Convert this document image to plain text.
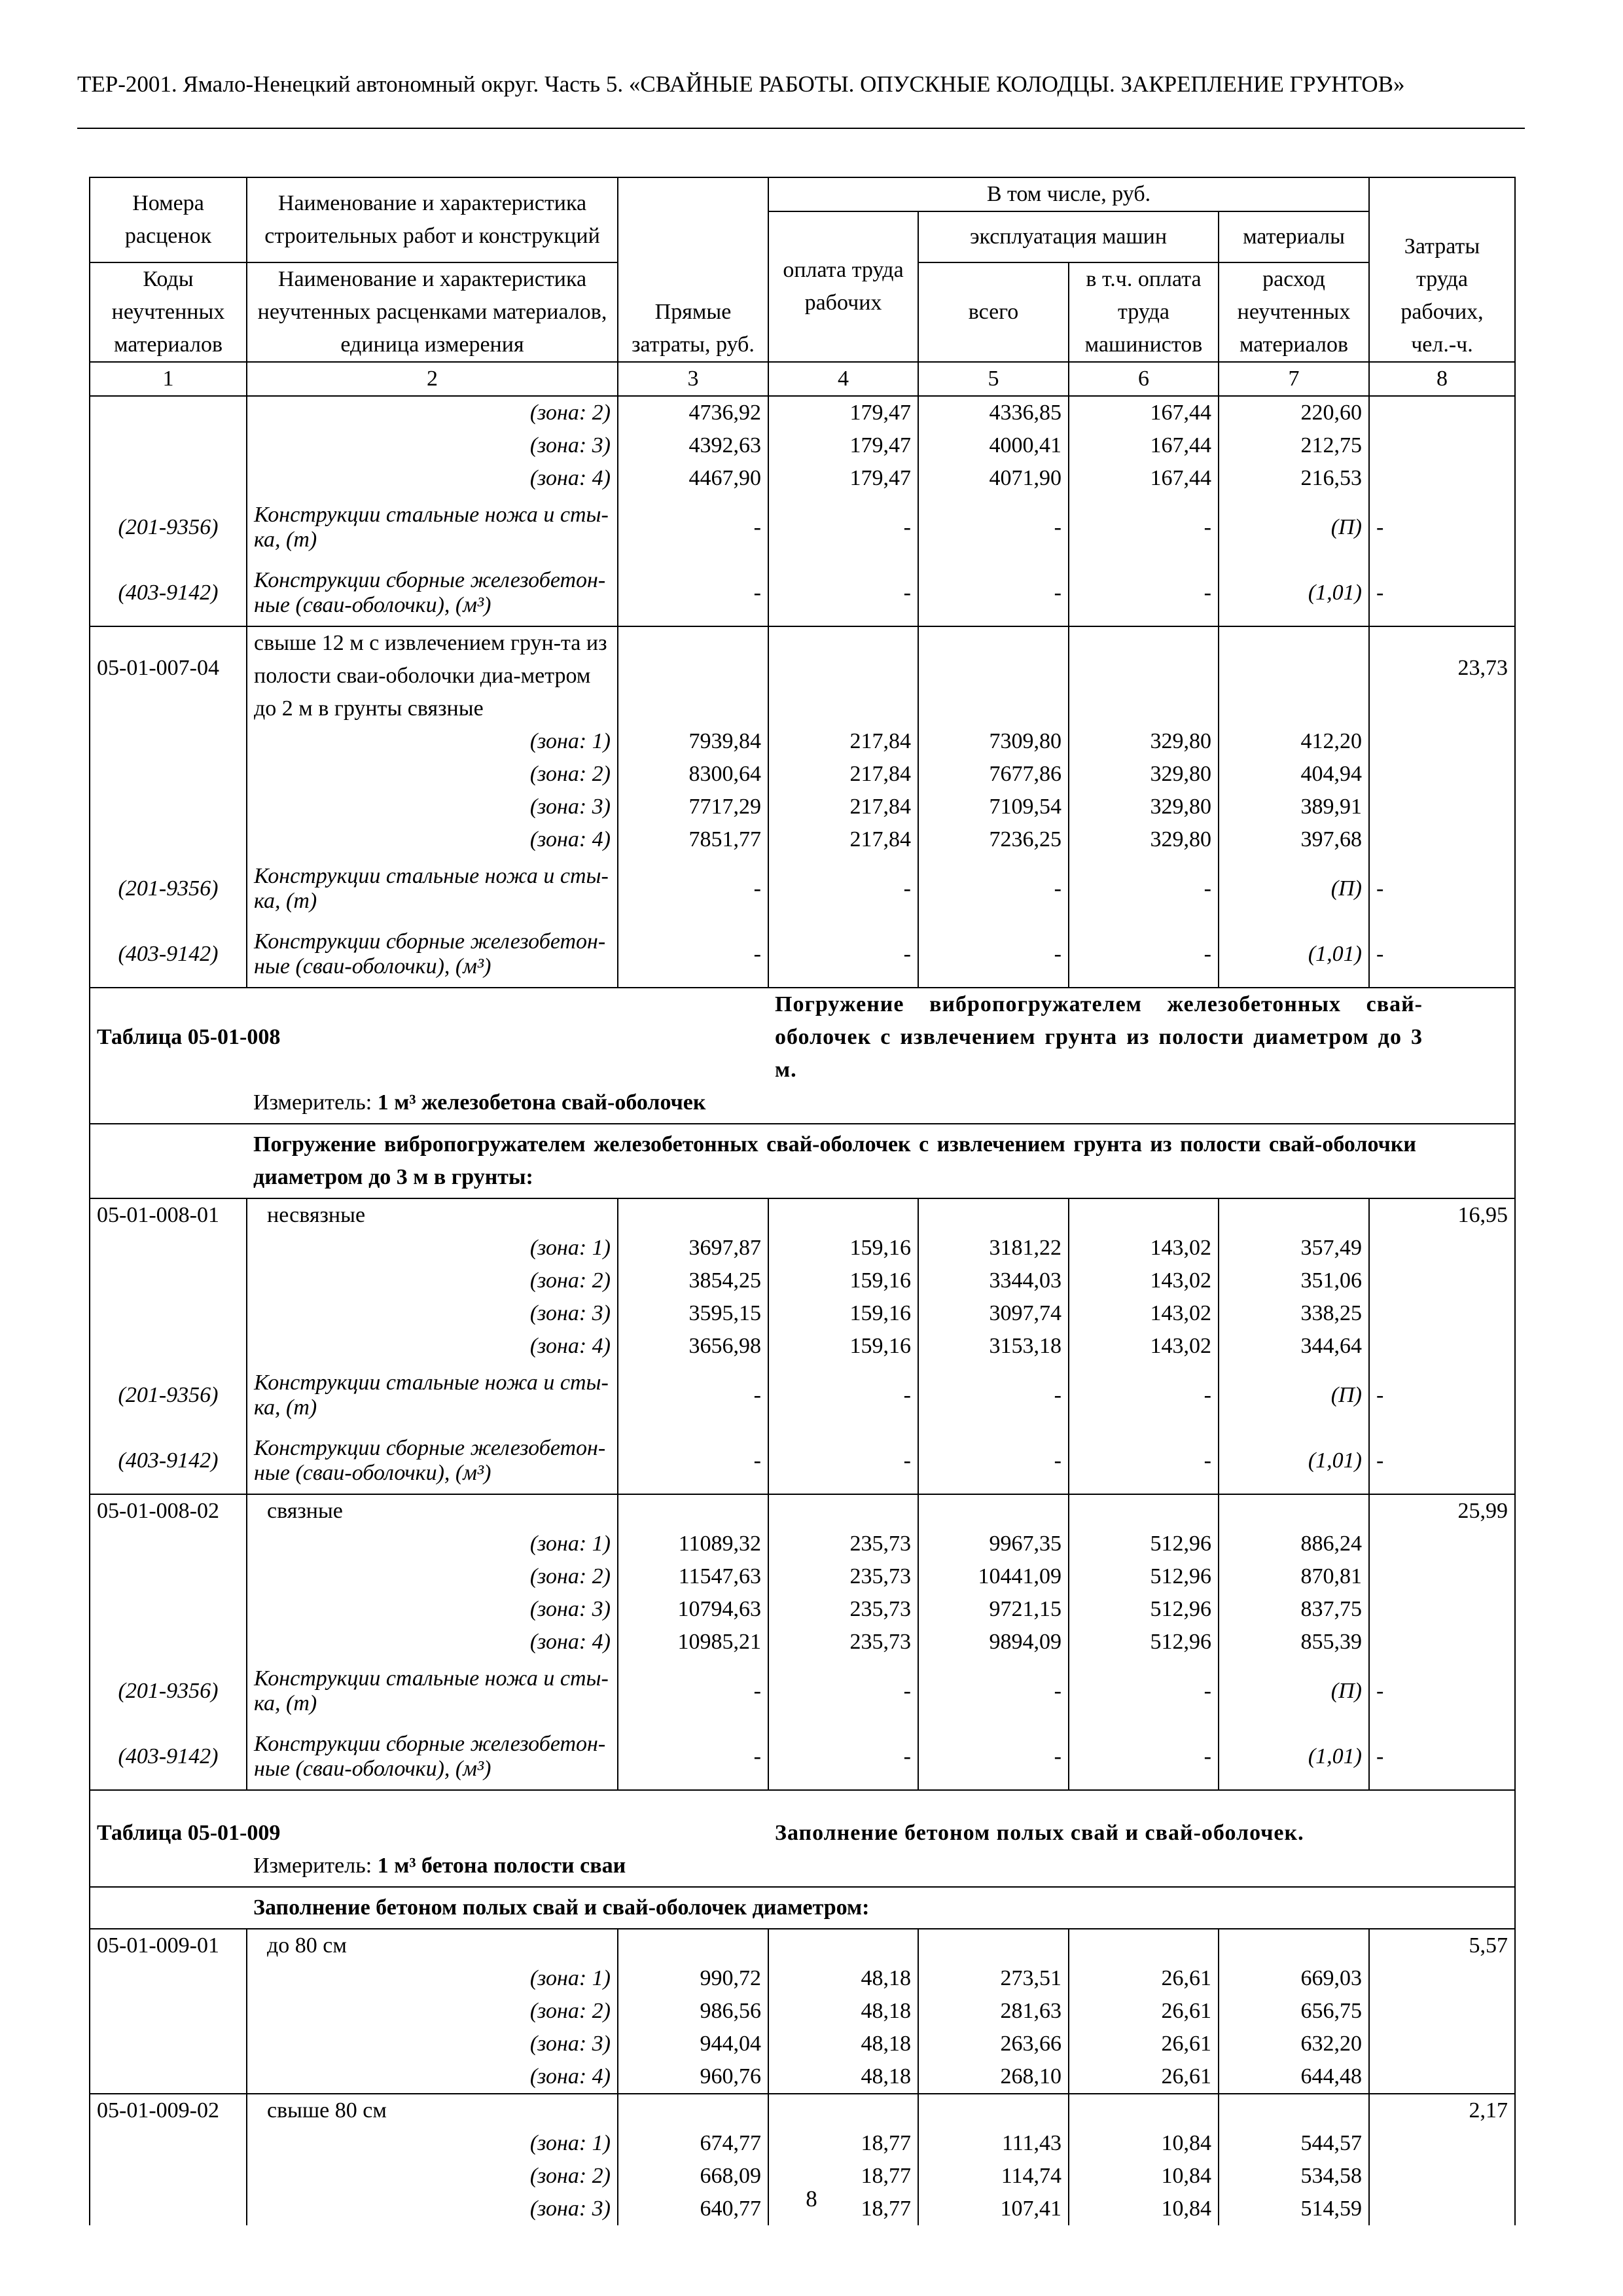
ТЕР-2001. Ямало-Ненецкий автономный округ. Часть 5. «СВАЙНЫЕ РАБОТЫ. ОПУСКНЫЕ КОЛОДЦЫ. ЗАКРЕПЛЕНИЕ ГРУНТОВ»
Номера расценок	Наименование и характеристика строительных работ и конструкций	Прямые затраты, руб.	В том числе, руб.				Затраты труда рабочих, чел.-ч.
			оплата труда рабочих	эксплуатация машин		материалы	
Коды неучтенных материалов	Наименование и характеристика неучтенных расценками материалов, единица измерения			всего	в т.ч. оплата труда машинистов	расход неучтенных материалов	
1	2	3	4	5	6	7	8
	(зона: 2)	4736,92	179,47	4336,85	167,44	220,60	
	(зона: 3)	4392,63	179,47	4000,41	167,44	212,75	
	(зона: 4)	4467,90	179,47	4071,90	167,44	216,53	
(201-9356)	Конструкции стальные ножа и сты-ка, (т)	-	-	-	-	(П)	-
(403-9142)	Конструкции сборные железобетон-ные (сваи-оболочки), (м³)	-	-	-	-	(1,01)	-
05-01-007-04	свыше 12 м с извлечением грун-та из полости сваи-оболочки диа-метром до 2 м в грунты связные						23,73
	(зона: 1)	7939,84	217,84	7309,80	329,80	412,20	
	(зона: 2)	8300,64	217,84	7677,86	329,80	404,94	
	(зона: 3)	7717,29	217,84	7109,54	329,80	389,91	
	(зона: 4)	7851,77	217,84	7236,25	329,80	397,68	
(201-9356)	Конструкции стальные ножа и сты-ка, (т)	-	-	-	-	(П)	-
(403-9142)	Конструкции сборные железобетон-ные (сваи-оболочки), (м³)	-	-	-	-	(1,01)	-
Таблица 05-01-008			Погружение вибропогружателем железобетонных свай-оболочек с извлечением грунта из полости диаметром до 3 м.				
	Измеритель: 1 м³ железобетона свай-оболочек						
	Погружение вибропогружателем железобетонных свай-оболочек с извлечением грунта из полости свай-оболочки диаметром до 3 м в грунты:						
05-01-008-01	несвязные						16,95
	(зона: 1)	3697,87	159,16	3181,22	143,02	357,49	
	(зона: 2)	3854,25	159,16	3344,03	143,02	351,06	
	(зона: 3)	3595,15	159,16	3097,74	143,02	338,25	
	(зона: 4)	3656,98	159,16	3153,18	143,02	344,64	
(201-9356)	Конструкции стальные ножа и сты-ка, (т)	-	-	-	-	(П)	-
(403-9142)	Конструкции сборные железобетон-ные (сваи-оболочки), (м³)	-	-	-	-	(1,01)	-
05-01-008-02	связные						25,99
	(зона: 1)	11089,32	235,73	9967,35	512,96	886,24	
	(зона: 2)	11547,63	235,73	10441,09	512,96	870,81	
	(зона: 3)	10794,63	235,73	9721,15	512,96	837,75	
	(зона: 4)	10985,21	235,73	9894,09	512,96	855,39	
(201-9356)	Конструкции стальные ножа и сты-ка, (т)	-	-	-	-	(П)	-
(403-9142)	Конструкции сборные железобетон-ные (сваи-оболочки), (м³)	-	-	-	-	(1,01)	-
Таблица 05-01-009			Заполнение бетоном полых свай и свай-оболочек.				
	Измеритель: 1 м³ бетона полости сваи						
	Заполнение бетоном полых свай и свай-оболочек диаметром:						
05-01-009-01	до 80 см						5,57
	(зона: 1)	990,72	48,18	273,51	26,61	669,03	
	(зона: 2)	986,56	48,18	281,63	26,61	656,75	
	(зона: 3)	944,04	48,18	263,66	26,61	632,20	
	(зона: 4)	960,76	48,18	268,10	26,61	644,48	
05-01-009-02	свыше 80 см						2,17
	(зона: 1)	674,77	18,77	111,43	10,84	544,57	
	(зона: 2)	668,09	18,77	114,74	10,84	534,58	
	(зона: 3)	640,77	18,77	107,41	10,84	514,59	
8
